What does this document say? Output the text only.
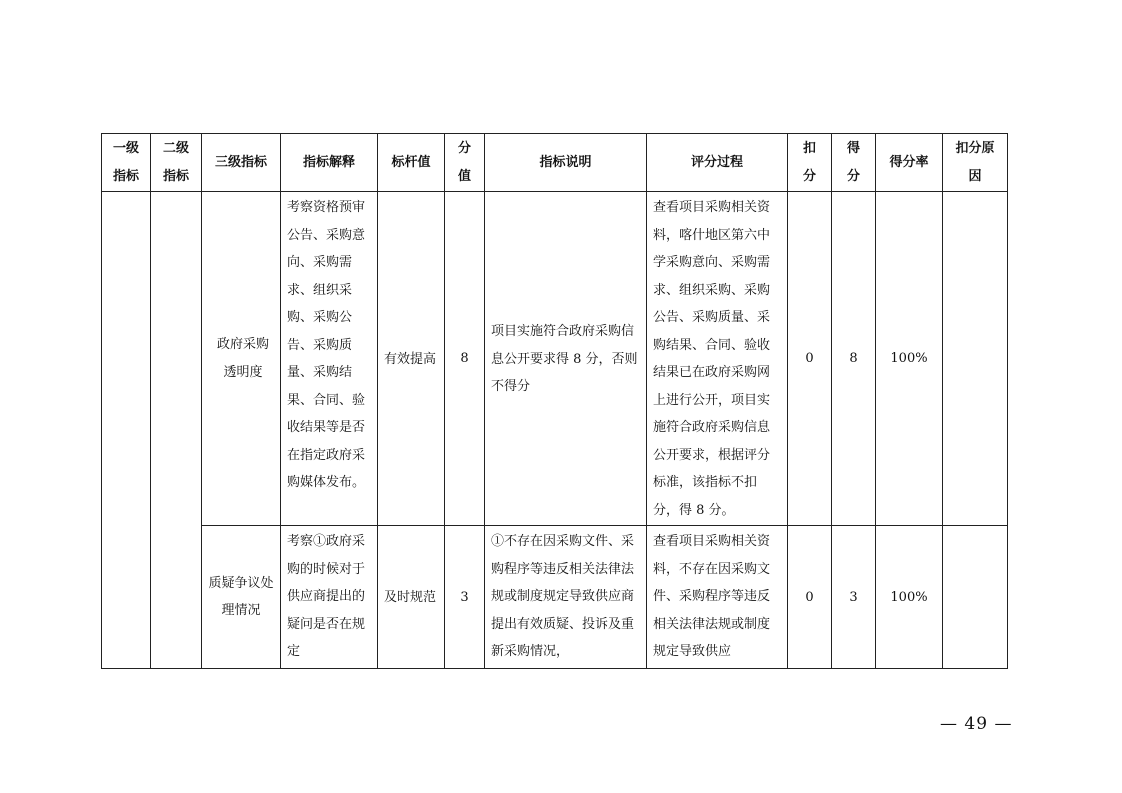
一级指标	二级指标	三级指标	指标解释	标杆值	分值	指标说明	评分过程	扣分	得分	得分率	扣分原因

		政府采购透明度	考察资格预审公告、采购意向、采购需求、组织采购、采购公告、采购质量、采购结果、合同、验收结果等是否在指定政府采购媒体发布。	有效提高	8	项目实施符合政府采购信息公开要求得 8 分，否则不得分	查看项目采购相关资料，喀什地区第六中学采购意向、采购需求、组织采购、采购公告、采购质量、采购结果、合同、验收结果已在政府采购网上进行公开，项目实施符合政府采购信息公开要求，根据评分标准，该指标不扣分，得 8 分。	0	8	100%	

		质疑争议处理情况	考察①政府采购的时候对于供应商提出的疑问是否在规定	及时规范	3	①不存在因采购文件、采购程序等违反相关法律法规或制度规定导致供应商提出有效质疑、投诉及重新采购情况，	查看项目采购相关资料，不存在因采购文件、采购程序等违反相关法律法规或制度规定导致供应	0	3	100%	
— 49 —
